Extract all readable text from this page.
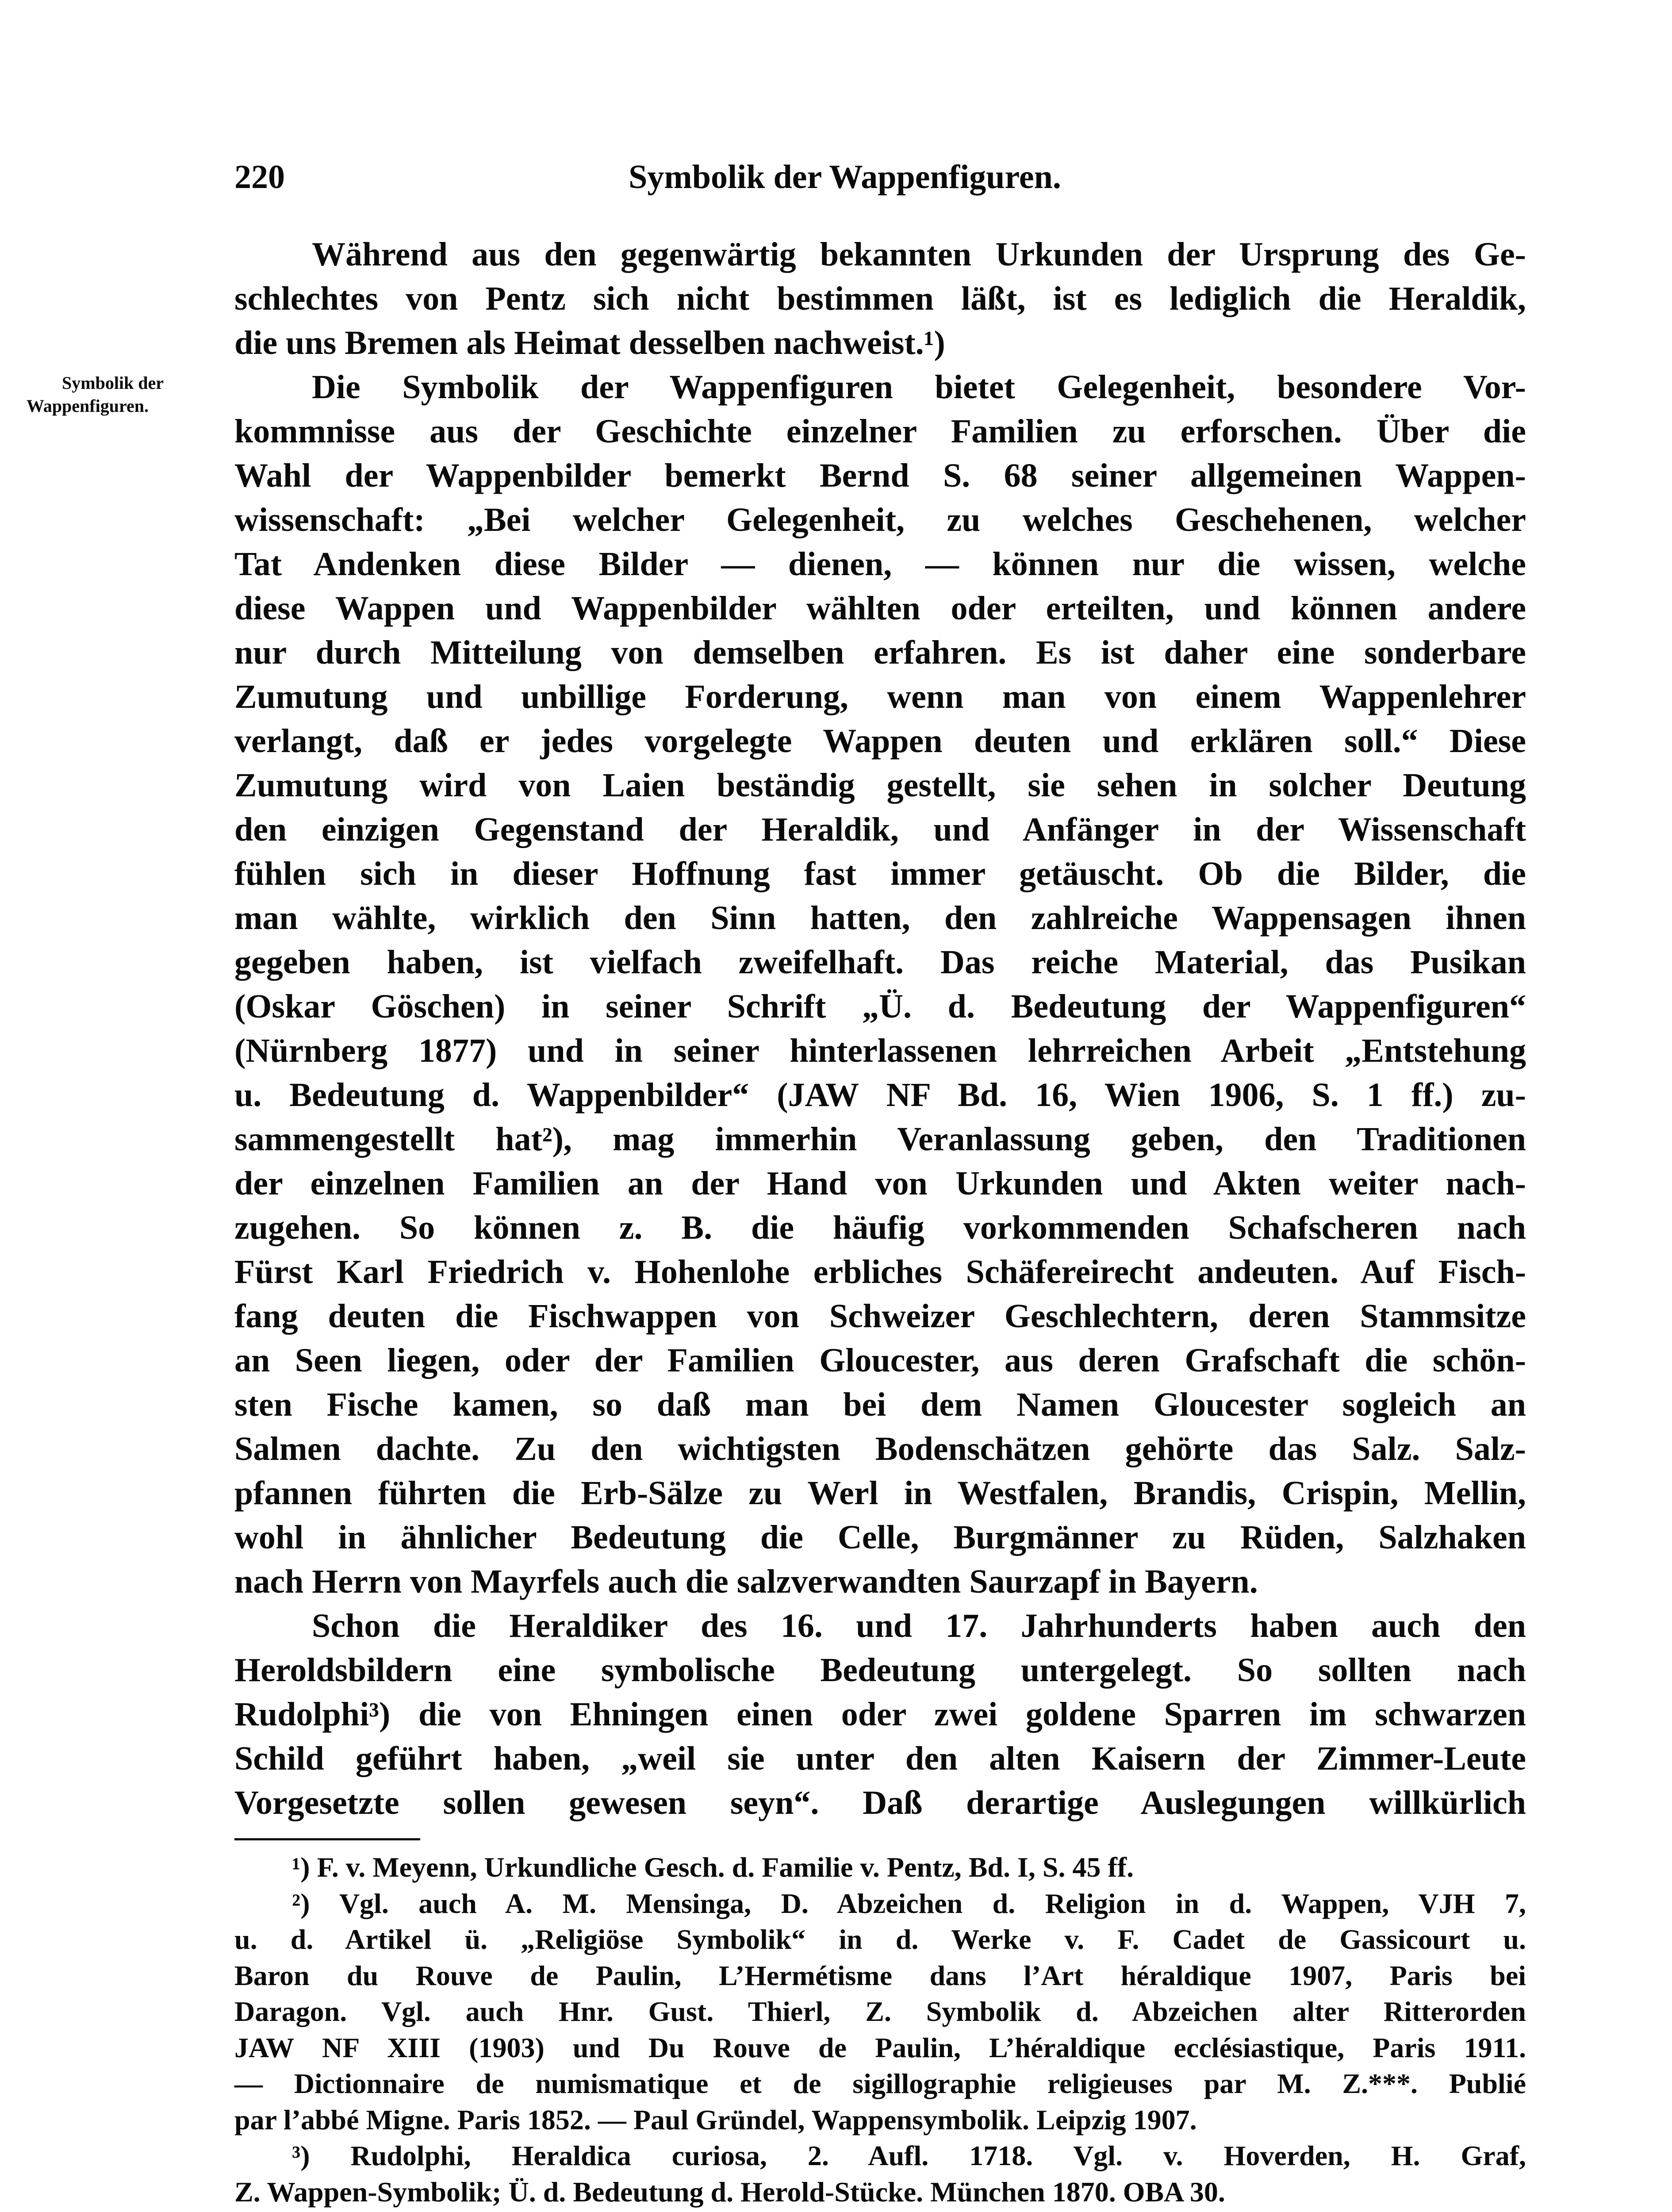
220	Symbolik der Wappenfiguren.
Symbolik der
Wappenfiguren.
Während aus den gegenwärtig bekannten Urkunden der Ursprung des Ge-
schlechtes von Pentz sich nicht bestimmen läßt, ist es lediglich die Heraldik,
die uns Bremen als Heimat desselben nachweist.¹)
Die Symbolik der Wappenfiguren bietet Gelegenheit, besondere Vor-
kommnisse aus der Geschichte einzelner Familien zu erforschen. Über die
Wahl der Wappenbilder bemerkt Bernd S. 68 seiner allgemeinen Wappen-
wissenschaft: „Bei welcher Gelegenheit, zu welches Geschehenen, welcher
Tat Andenken diese Bilder — dienen, — können nur die wissen, welche
diese Wappen und Wappenbilder wählten oder erteilten, und können andere
nur durch Mitteilung von demselben erfahren. Es ist daher eine sonderbare
Zumutung und unbillige Forderung, wenn man von einem Wappenlehrer
verlangt, daß er jedes vorgelegte Wappen deuten und erklären soll.“ Diese
Zumutung wird von Laien beständig gestellt, sie sehen in solcher Deutung
den einzigen Gegenstand der Heraldik, und Anfänger in der Wissenschaft
fühlen sich in dieser Hoffnung fast immer getäuscht. Ob die Bilder, die
man wählte, wirklich den Sinn hatten, den zahlreiche Wappensagen ihnen
gegeben haben, ist vielfach zweifelhaft. Das reiche Material, das Pusikan
(Oskar Göschen) in seiner Schrift „Ü. d. Bedeutung der Wappenfiguren“
(Nürnberg 1877) und in seiner hinterlassenen lehrreichen Arbeit „Entstehung
u. Bedeutung d. Wappenbilder“ (JAW NF Bd. 16, Wien 1906, S. 1 ff.) zu-
sammengestellt hat²), mag immerhin Veranlassung geben, den Traditionen
der einzelnen Familien an der Hand von Urkunden und Akten weiter nach-
zugehen. So können z. B. die häufig vorkommenden Schafscheren nach
Fürst Karl Friedrich v. Hohenlohe erbliches Schäfereirecht andeuten. Auf Fisch-
fang deuten die Fischwappen von Schweizer Geschlechtern, deren Stammsitze
an Seen liegen, oder der Familien Gloucester, aus deren Grafschaft die schön-
sten Fische kamen, so daß man bei dem Namen Gloucester sogleich an
Salmen dachte. Zu den wichtigsten Bodenschätzen gehörte das Salz. Salz-
pfannen führten die Erb-Sälze zu Werl in Westfalen, Brandis, Crispin, Mellin,
wohl in ähnlicher Bedeutung die Celle, Burgmänner zu Rüden, Salzhaken
nach Herrn von Mayrfels auch die salzverwandten Saurzapf in Bayern.
Schon die Heraldiker des 16. und 17. Jahrhunderts haben auch den
Heroldsbildern eine symbolische Bedeutung untergelegt. So sollten nach
Rudolphi³) die von Ehningen einen oder zwei goldene Sparren im schwarzen
Schild geführt haben, „weil sie unter den alten Kaisern der Zimmer-Leute
Vorgesetzte sollen gewesen seyn“. Daß derartige Auslegungen willkürlich
¹) F. v. Meyenn, Urkundliche Gesch. d. Familie v. Pentz, Bd. I, S. 45 ff.
²) Vgl. auch A. M. Mensinga, D. Abzeichen d. Religion in d. Wappen, VJH 7,
u. d. Artikel ü. „Religiöse Symbolik“ in d. Werke v. F. Cadet de Gassicourt u.
Baron du Rouve de Paulin, L’Hermétisme dans l’Art héraldique 1907, Paris bei
Daragon. Vgl. auch Hnr. Gust. Thierl, Z. Symbolik d. Abzeichen alter Ritterorden
JAW NF XIII (1903) und Du Rouve de Paulin, L’héraldique ecclésiastique, Paris 1911.
— Dictionnaire de numismatique et de sigillographie religieuses par M. Z.***. Publié
par l’abbé Migne. Paris 1852. — Paul Gründel, Wappensymbolik. Leipzig 1907.
³) Rudolphi, Heraldica curiosa, 2. Aufl. 1718. Vgl. v. Hoverden, H. Graf,
Z. Wappen-Symbolik; Ü. d. Bedeutung d. Herold-Stücke. München 1870. OBA 30.
